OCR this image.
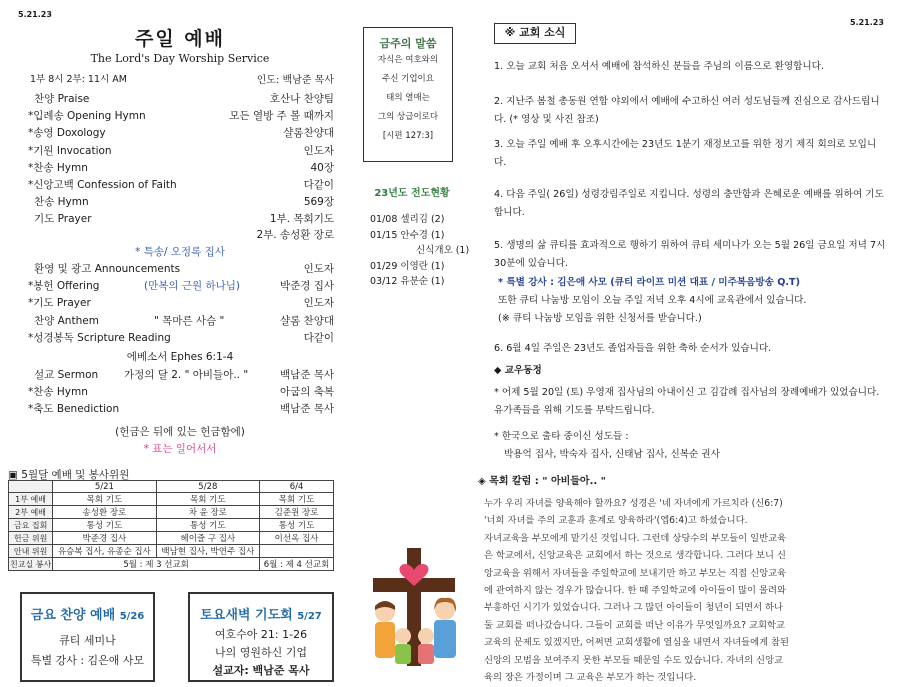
5.21.23
주일 예배
The Lord's Day Worship Service
1부 8시 2부: 11시 AM	인도: 백남준 목사
찬양 Praise	호산나 찬양팀
*입례송 Opening Hymn	모든 열방 주 볼 때까지
*송영 Doxology	샬롬찬양대
*기원 Invocation	인도자
*찬송 Hymn	40장
*신앙고백 Confession of Faith	다같이
찬송 Hymn	569장
기도 Prayer	1부. 목회기도
2부. 송성환 장로
* 특송/ 오정록 집사
환영 및 광고 Announcements	인도자
*봉헌 Offering	(만복의 근원 하나님)	박준경 집사
*기도 Prayer	인도자
찬양 Anthem	" 목마른 사슴 "	샬롬 찬양대
*성경봉독 Scripture Reading	다같이
에베소서 Ephes 6:1-4
설교 Sermon 가정의 달 2. " 아비들아.. "	백남준 목사
*찬송 Hymn	아굽의 축복
*축도 Benediction	백남준 목사
(헌금은 뒤에 있는 헌금함에)
* 표는 일어서서
▣ 5월달 예배 및 봉사위원
	5/21	5/28	6/4
1부 예배	목회 기도	목회 기도	목회 기도
2부 예배	송성환 장로	차 윤 장로	김준원 장로
금요 집회	통성 기도	통성 기도	통성 기도
헌금 위원	박준경 집사	헤이즐 구 집사	이선옥 집사
안내 위원	유승복 집사, 유종순 집사	백남현 집사, 박연주 집사	
친교실 봉사	5월 : 제 3 선교회		6월 : 제 4 선교회
금요 찬양 예배 5/26
큐티 세미나
특별 강사 : 김은애 사모
토요새벽 기도회 5/27
여호수아 21: 1-26
나의 영원하신 기업
설교자: 백남준 목사
금주의 말씀
자식은 여호와의
주신 기업이요
태의 열매는
그의 상급이로다
[시편 127:3]
23년도 전도현황
01/08 셀리김 (2)
01/15 안수경 (1)
신식개오 (1)
01/29 이영란 (1)
03/12 유분순 (1)
5.21.23
※ 교회 소식
1. 오늘 교회 처음 오셔서 예배에 참석하신 분들을 주님의 이름으로 환영합니다.
2. 지난주 봄철 총동원 연합 야외에서 예배에 수고하신 여러 성도님들께 진심으로 감사드립니다. (* 영상 및 사진 참조)
3. 오늘 주일 예배 후 오후시간에는 23년도 1분기 재정보고를 위한 정기 제직 회의로 모입니다.
4. 다음 주일( 26일) 성령강림주일로 지킵니다. 성령의 충만함과 은혜로운 예배를 위하여 기도합니다.
5. 생명의 삶 큐티를 효과적으로 행하기 위하여 큐티 세미나가 오는 5월 26일 금요일 저녁 7시 30분에 있습니다.
* 특별 강사 : 김은애 사모 (큐티 라이프 미션 대표 / 미주복음방송 Q.T)
또한 큐티 나눔방 모임이 오늘 주일 저녁 오후 4시에 교육관에서 있습니다.
(※ 큐티 나눔방 모임을 위한 신청서를 받습니다.)
6. 6월 4일 주일은 23년도 졸업자들을 위한 축하 순서가 있습니다.
◆ 교우동정
* 어제 5월 20일 (토) 우영재 집사님의 아내이신 고 김갑례 집사님의 장례예배가 있었습니다. 유가족들을 위해 기도를 부탁드립니다.
* 한국으로 출타 중이신 성도들 :
박용억 집사, 박숙자 집사, 신태남 집사, 신복순 권사
◈ 목회 칼럼 : " 아비들아.. "
누가 우리 자녀를 양육해야 할까요? 성경은 '네 자녀에게 가르치라 (신6:7)
'너희 자녀를 주의 교훈과 훈계로 양육하라'(엡6:4)고 하셨습니다.
자녀교육을 부모에게 맡기신 것입니다. 그런데 상당수의 부모들이 일반교육
은 학교에서, 신앙교육은 교회에서 하는 것으로 생각합니다. 그러다 보니 신
앙교육을 위해서 자녀들을 주일학교에 보내기만 하고 부모는 직접 신앙교육
에 관여하지 않는 경우가 많습니다. 한 때 주일학교에 아이들이 많이 몰려와
부흥하던 시기가 있었습니다. 그러나 그 많던 아이들이 청년이 되면서 하나
둘 교회를 떠나갔습니다. 그들이 교회를 떠난 이유가 무엇일까요? 교회학교
교육의 문제도 있겠지만, 어쩌면 교회생활에 열심을 내면서 자녀들에게 참된
신앙의 모범을 보여주지 못한 부모들 때문일 수도 있습니다. 자녀의 신앙교
육의 장은 가정이며 그 교육은 부모가 하는 것입니다.
